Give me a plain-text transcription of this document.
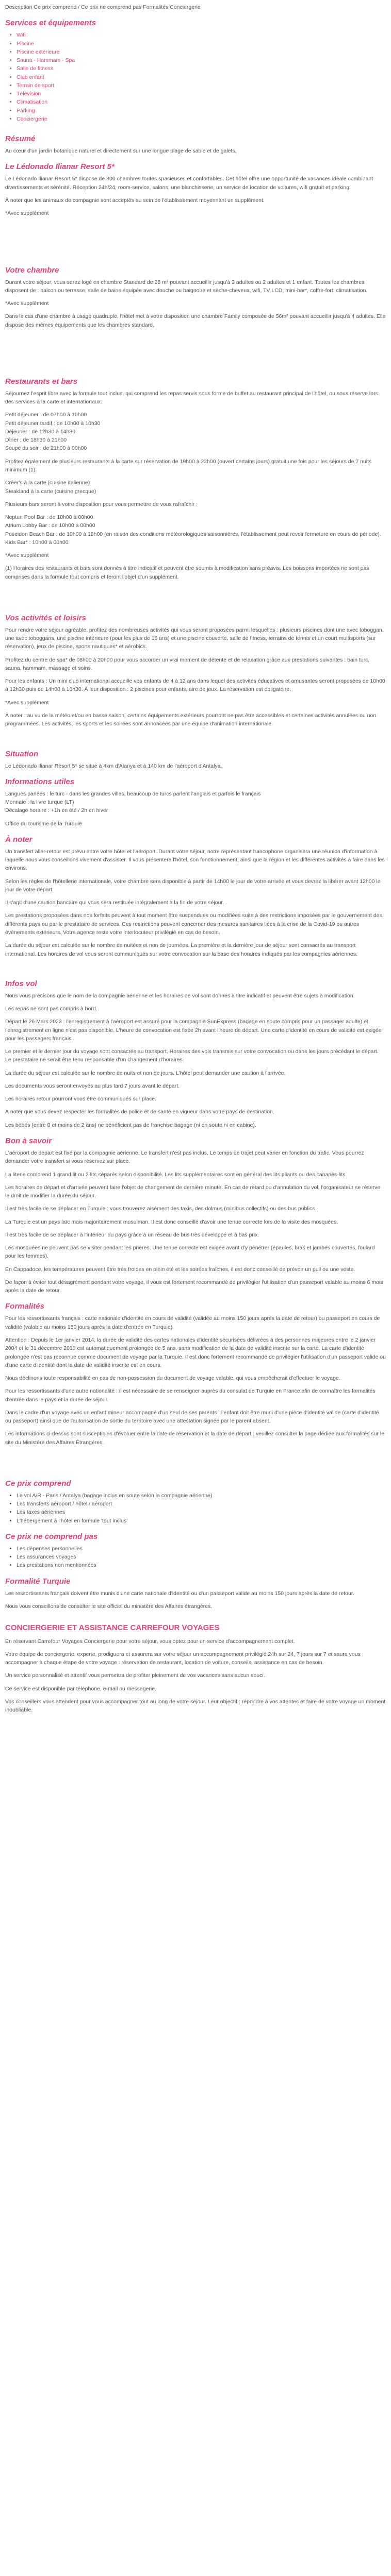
Description Ce prix comprend / Ce prix ne comprend pas Formalités Conciergerie

Services et équipements
• Wifi
• Piscine
• Piscine extérieure
• Sauna - Hammam - Spa
• Salle de fitness
• Club enfant
• Terrain de sport
• Télévision
• Climatisation
• Parking
• Conciergerie
Résumé

Au cœur d'un jardin botanique naturel et directement sur une longue plage de sable et de galets,

Le Lédonado Ilianar Resort 5*

Le Lédonado Ilianar Resort 5* dispose de 300 chambres toutes spacieuses et confortables. Cet hôtel offre une opportunité de vacances idéale combinant divertissements et sérénité. Réception 24h/24, room-service, salons, une blanchisserie, un service de location de voitures, wifi gratuit et parking.

À noter que les animaux de compagnie sont acceptés au sein de l'établissement moyennant un supplément.

*Avec supplément

Votre chambre

Durant votre séjour, vous serez logé en chambre Standard de 28 m² pouvant accueillir jusqu'à 3 adultes ou 2 adultes et 1 enfant. Toutes les chambres disposent de : balcon ou terrasse, salle de bains équipée avec douche ou baignoire et sèche-cheveux, wifi, TV LCD, mini-bar*, coffre-fort, climatisation.

*Avec supplément

Dans le cas d'une chambre à usage quadruple, l'hôtel met à votre disposition une chambre Family composée de 56m² pouvant accueillir jusqu'à 4 adultes. Elle dispose des mêmes équipements que les chambres standard.

Restaurants et bars

Séjournez l'esprit libre avec la formule tout inclus, qui comprend les repas servis sous forme de buffet au restaurant principal de l'hôtel, ou sous réserve lors des services à la carte et internationaux.

Petit déjeuner : de 07h00 à 10h00
Petit déjeuner tardif : de 10h00 à 10h30
Déjeuner : de 12h30 à 14h30
Dîner : de 18h30 à 21h00
Soupe du soir : de 21h00 à 00h00

Profitez également de plusieurs restaurants à la carte sur réservation de 19h00 à 22h00 (ouvert certains jours) gratuit une fois pour les séjours de 7 nuits minimum (1).

Créer's à la carte (cuisine italienne)
Steakland à la carte (cuisine grecque)

Plusieurs bars seront à votre disposition pour vous permettre de vous rafraîchir :

Neptun Pool Bar : de 10h00 à 00h00
Atrium Lobby Bar : de 10h00 à 00h00
Poseidon Beach Bar : de 10h00 à 18h00 (en raison des conditions météorologiques saisonnières, l'établissement peut revoir fermeture en cours de période).
Kids Bar* : 10h00 à 00h00

*Avec supplément

(1) Horaires des restaurants et bars sont donnés à titre indicatif et peuvent être soumis à modification sans préavis. Les boissons importées ne sont pas comprises dans la formule tout compris et feront l'objet d'un supplément.

Vos activités et loisirs

Pour rendre votre séjour agréable, profitez des nombreuses activités qui vous seront proposées parmi lesquelles : plusieurs piscines dont une avec toboggan, une avec toboggans, une piscine intérieure (pour les plus de 16 ans) et une piscine couverte, salle de fitness, terrains de tennis et un court multisports (sur réservation), jeux de piscine, sports nautiques* et aérobics.

Profitez du centre de spa* de 08h00 à 20h00 pour vous accorder un vrai moment de détente et de relaxation grâce aux prestations suivantes : bain turc, sauna, hammam, massage et soins.

Pour les enfants : Un mini club international accueille vos enfants de 4 à 12 ans dans lequel des activités éducatives et amusantes seront proposées de 10h00 à 12h30 puis de 14h00 à 16h30. À leur disposition : 2 piscines pour enfants, aire de jeux. La réservation est obligatoire.

*Avec supplément

À noter : au vu de la météo et/ou en basse saison, certains équipements extérieurs pourront ne pas être accessibles et certaines activités annulées ou non programmées. Les activités, les sports et les soirées sont annoncées par une équipe d'animation internationale.

Situation

Le Lédonado Ilianar Resort 5* se situe à 4km d'Alanya et à 140 km de l'aéroport d'Antalya.

Informations utiles

Langues parlées : le turc - dans les grandes villes, beaucoup de turcs parlent l'anglais et parfois le français
Monnaie : la livre turque (LT)
Décalage horaire : +1h en été / 2h en hiver

Office du tourisme de la Turquie

À noter

Un transfert aller-retour est prévu entre votre hôtel et l'aéroport. Durant votre séjour, notre représentant francophone organisera une réunion d'information à laquelle nous vous conseillons vivement d'assister. Il vous présentera l'hôtel, son fonctionnement, ainsi que la région et les différentes activités à faire dans les environs.

Selon les règles de l'hôtellerie internationale, votre chambre sera disponible à partir de 14h00 le jour de votre arrivée et vous devrez la libérer avant 12h00 le jour de votre départ.

Il s'agit d'une caution bancaire qui vous sera restituée intégralement à la fin de votre séjour.

Les prestations proposées dans nos forfaits peuvent à tout moment être suspendues ou modifiées suite à des restrictions imposées par le gouvernement des différents pays ou par le prestataire de services. Ces restrictions peuvent concerner des mesures sanitaires liées à la crise de la Covid-19 ou autres évènements extérieurs. Votre agence reste votre interlocuteur privilégié en cas de besoin.

La durée du séjour est calculée sur le nombre de nuitées et non de journées. La première et la dernière jour de séjour sont consacrés au transport international. Les horaires de vol vous seront communiqués sur votre convocation sur la base des horaires indiqués par les compagnies aériennes.

Infos vol

Nous vous précisons que le nom de la compagnie aérienne et les horaires de vol sont donnés à titre indicatif et peuvent être sujets à modification.

Les repas ne sont pas compris à bord.

Départ le 26 Mars 2023 : l'enregistrement à l'aéroport est assuré pour la compagnie SunExpress (bagage en soute compris pour un passager adulte) et l'enregistrement en ligne n'est pas disponible. L'heure de convocation est fixée 2h avant l'heure de départ. Une carte d'identité en cours de validité est exigée pour les passagers français.

Le premier et le dernier jour du voyage sont consacrés au transport. Horaires des vols transmis sur votre convocation ou dans les jours précédant le départ. Le prestataire ne serait être tenu responsable d'un changement d'horaires.

La durée du séjour est calculée sur le nombre de nuits et non de jours. L'hôtel peut demander une caution à l'arrivée.

Les documents vous seront envoyés au plus tard 7 jours avant le départ.

Les horaires retour pourront vous être communiqués sur place.

À noter que vous devez respecter les formalités de police et de santé en vigueur dans votre pays de destination.

Les bébés (entre 0 et moins de 2 ans) ne bénéficient pas de franchise bagage (ni en soute ni en cabine).

Bon à savoir

L'aéroport de départ est fixé par la compagnie aérienne. Le transfert n'est pas inclus. Le temps de trajet peut varier en fonction du trafic. Vous pourrez demander votre transfert si vous réservez sur place.

La literie comprend 1 grand lit ou 2 lits séparés selon disponibilité. Les lits supplémentaires sont en général des lits pliants ou des canapés-lits.

Les horaires de départ et d'arrivée peuvent faire l'objet de changement de dernière minute. En cas de retard ou d'annulation du vol, l'organisateur se réserve le droit de modifier la durée du séjour.

Il est très facile de se déplacer en Turquie : vous trouverez aisément des taxis, des dolmuş (minibus collectifs) ou des bus publics.

La Turquie est un pays laïc mais majoritairement musulman. Il est donc conseillé d'avoir une tenue correcte lors de la visite des mosquées.

Il est très facile de se déplacer à l'intérieur du pays grâce à un réseau de bus très développé et à bas prix.

Les mosquées ne peuvent pas se visiter pendant les prières. Une tenue correcte est exigée avant d'y pénétrer (épaules, bras et jambes couvertes, foulard pour les femmes).

En Cappadoce, les températures peuvent être très froides en plein été et les soirées fraîches, il est donc conseillé de prévoir un pull ou une veste.

De façon à éviter tout désagrément pendant votre voyage, il vous est fortement recommandé de privilégier l'utilisation d'un passeport valable au moins 6 mois après la date de retour.

Formalités

Pour les ressortissants français : carte nationale d'identité en cours de validité (validée au moins 150 jours après la date de retour) ou passeport en cours de validité (valable au moins 150 jours après la date d'entrée en Turquie).

Attention : Depuis le 1er janvier 2014, la durée de validité des cartes nationales d'identité sécurisées délivrées à des personnes majeures entre le 2 janvier 2004 et le 31 décembre 2013 est automatiquement prolongée de 5 ans, sans modification de la date de validité inscrite sur la carte. La carte d'identité prolongée n'est pas reconnue comme document de voyage par la Turquie. Il est donc fortement recommandé de privilégier l'utilisation d'un passeport valide ou d'une carte d'identité dont la date de validité inscrite est en cours.

Nous déclinons toute responsabilité en cas de non-possession du document de voyage valable, qui vous empêcherait d'effectuer le voyage.

Pour les ressortissants d'une autre nationalité : il est nécessaire de se renseigner auprès du consulat de Turquie en France afin de connaître les formalités d'entrée dans le pays et la durée de séjour.

Dans le cadre d'un voyage avec un enfant mineur accompagné d'un seul de ses parents : l'enfant doit être muni d'une pièce d'identité valide (carte d'identité ou passeport) ainsi que de l'autorisation de sortie du territoire avec une attestation signée par le parent absent.

Les informations ci-dessus sont susceptibles d'évoluer entre la date de réservation et la date de départ : veuillez consulter la page dédiée aux formalités sur le site du Ministère des Affaires Étrangères.

Ce prix comprend
• Le vol A/R - Paris / Antalya (bagage inclus en soute selon la compagnie aérienne)
• Les transferts aéroport / hôtel / aéroport
• Les taxes aériennes
• L'hébergement à l'hôtel en formule 'tout inclus'
Ce prix ne comprend pas
• Les dépenses personnelles
• Les assurances voyages
• Les prestations non mentionnées
Formalité Turquie

Les ressortissants français doivent être munis d'une carte nationale d'identité ou d'un passeport valide au moins 150 jours après la date de retour.

Nous vous conseillons de consulter le site officiel du ministère des Affaires étrangères.

CONCIERGERIE ET ASSISTANCE CARREFOUR VOYAGES

En réservant Carrefour Voyages Conciergerie pour votre séjour, vous optez pour un service d'accompagnement complet.

Votre équipe de conciergerie, experte, prodiguera et assurera sur votre séjour un accompagnement privilégié 24h sur 24, 7 jours sur 7 et saura vous accompagner à chaque étape de votre voyage : réservation de restaurant, location de voiture, conseils, assistance en cas de besoin.

Un service personnalisé et attentif vous permettra de profiter pleinement de vos vacances sans aucun souci.

Ce service est disponible par téléphone, e-mail ou messagerie.

Vos conseillers vous attendent pour vous accompagner tout au long de votre séjour. Leur objectif : répondre à vos attentes et faire de votre voyage un moment inoubliable.
